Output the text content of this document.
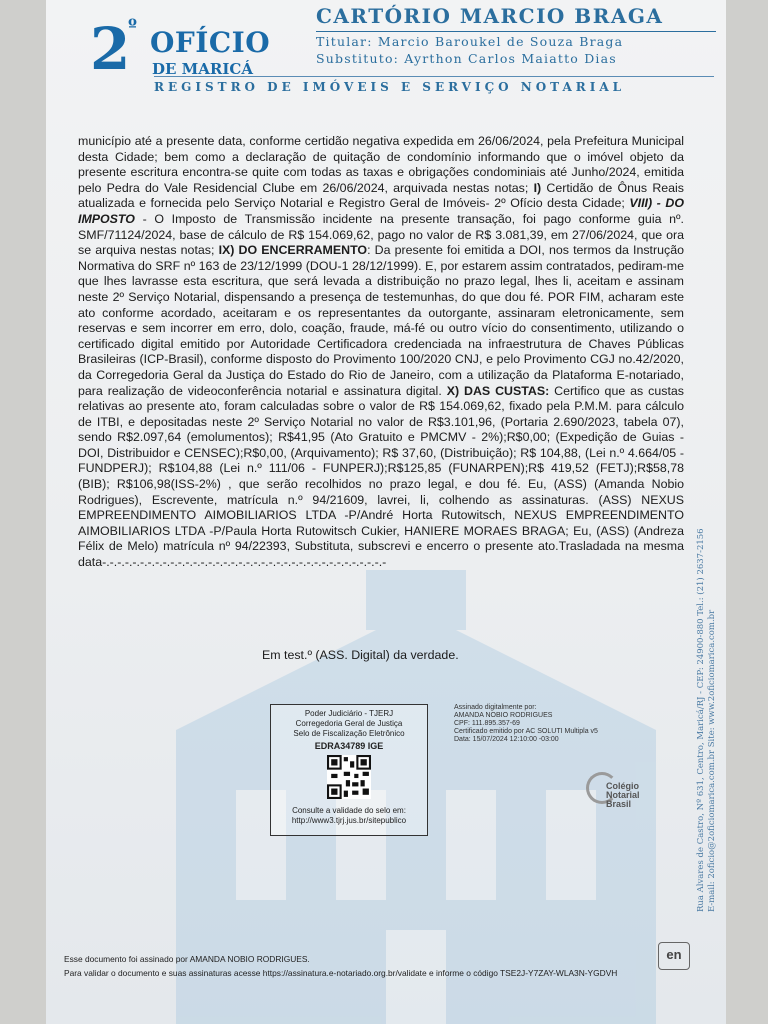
2
º OFÍCIO
DE MARICÁ
CARTÓRIO MARCIO BRAGA
Titular: Marcio Baroukel de Souza Braga
Substituto: Ayrthon Carlos Maiatto Dias
REGISTRO DE IMÓVEIS E SERVIÇO NOTARIAL

município até a presente data, conforme certidão negativa expedida em 26/06/2024, pela Prefeitura Municipal desta Cidade; bem como a declaração de quitação de condomínio informando que o imóvel objeto da presente escritura encontra-se quite com todas as taxas e obrigações condominiais até Junho/2024, emitida pelo Pedra do Vale Residencial Clube em 26/06/2024, arquivada nestas notas; I) Certidão de Ônus Reais atualizada e fornecida pelo Serviço Notarial e Registro Geral de Imóveis- 2º Ofício desta Cidade; VIII) - DO IMPOSTO - O Imposto de Transmissão incidente na presente transação, foi pago conforme guia nº. SMF/71124/2024, base de cálculo de R$ 154.069,62, pago no valor de R$ 3.081,39, em 27/06/2024, que ora se arquiva nestas notas; IX) DO ENCERRAMENTO: Da presente foi emitida a DOI, nos termos da Instrução Normativa do SRF nº 163 de 23/12/1999 (DOU-1 28/12/1999). E, por estarem assim contratados, pediram-me que lhes lavrasse esta escritura, que será levada a distribuição no prazo legal, lhes li, aceitam e assinam neste 2º Serviço Notarial, dispensando a presença de testemunhas, do que dou fé. POR FIM, acharam este ato conforme acordado, aceitaram e os representantes da outorgante, assinaram eletronicamente, sem reservas e sem incorrer em erro, dolo, coação, fraude, má-fé ou outro vício do consentimento, utilizando o certificado digital emitido por Autoridade Certificadora credenciada na infraestrutura de Chaves Públicas Brasileiras (ICP-Brasil), conforme disposto do Provimento 100/2020 CNJ, e pelo Provimento CGJ no.42/2020, da Corregedoria Geral da Justiça do Estado do Rio de Janeiro, com a utilização da Plataforma E-notariado, para realização de videoconferência notarial e assinatura digital. X) DAS CUSTAS: Certifico que as custas relativas ao presente ato, foram calculadas sobre o valor de R$ 154.069,62, fixado pela P.M.M. para cálculo de ITBI, e depositadas neste 2º Serviço Notarial no valor de R$3.101,96, (Portaria 2.690/2023, tabela 07), sendo R$2.097,64 (emolumentos); R$41,95 (Ato Gratuito e PMCMV - 2%);R$0,00; (Expedição de Guias - DOI, Distribuidor e CENSEC);R$0,00, (Arquivamento); R$ 37,60, (Distribuição); R$ 104,88, (Lei n.º 4.664/05 - FUNDPERJ); R$104,88 (Lei n.º 111/06 - FUNPERJ);R$125,85 (FUNARPEN);R$ 419,52 (FETJ);R$58,78 (BIB); R$106,98(ISS-2%) , que serão recolhidos no prazo legal, e dou fé. Eu, (ASS) (Amanda Nobio Rodrigues), Escrevente, matrícula n.º 94/21609, lavrei, li, colhendo as assinaturas. (ASS) NEXUS EMPREENDIMENTO AIMOBILIARIOS LTDA -P/André Horta Rutowitsch, NEXUS EMPREENDIMENTO AIMOBILIARIOS LTDA -P/Paula Horta Rutowitsch Cukier, HANIERE MORAES BRAGA; Eu, (ASS) (Andreza Félix de Melo) matrícula nº 94/22393, Substituta, subscrevi e encerro o presente ato.Trasladada na mesma data-.-.-.-.-.-.-.-.-.-.-.-.-.-.-.-.-.-.-.-.-.-.-.-.-.-.-.-.-.-.-.-.-.-.-.-.-.-

Em test.º (ASS. Digital) da verdade.
Poder Judiciário - TJERJ
Corregedoria Geral de Justiça
Selo de Fiscalização Eletrônico
EDRA34789 IGE
Consulte a validade do selo em:
http://www3.tjrj.jus.br/sitepublico
Assinado digitalmente por:
AMANDA NOBIO RODRIGUES
CPF: 111.895.357-69
Certificado emitido por AC SOLUTI Multipla v5
Data: 15/07/2024 12:10:00 -03:00
Colégio
Notarial
Brasil	Rua Alvares de Castro, Nº 631, Centro, Maricá/RJ - CEP: 24900-880 Tel.: (21) 2637-2156 E-mail: 2oficio@2oficiomarica.com.br Site: www.2oficiomarica.com.br
Esse documento foi assinado por AMANDA NOBIO RODRIGUES.
Para validar o documento e suas assinaturas acesse https://assinatura.e-notariado.org.br/validate e informe o código TSE2J-Y7ZAY-WLA3N-YGDVH
en
